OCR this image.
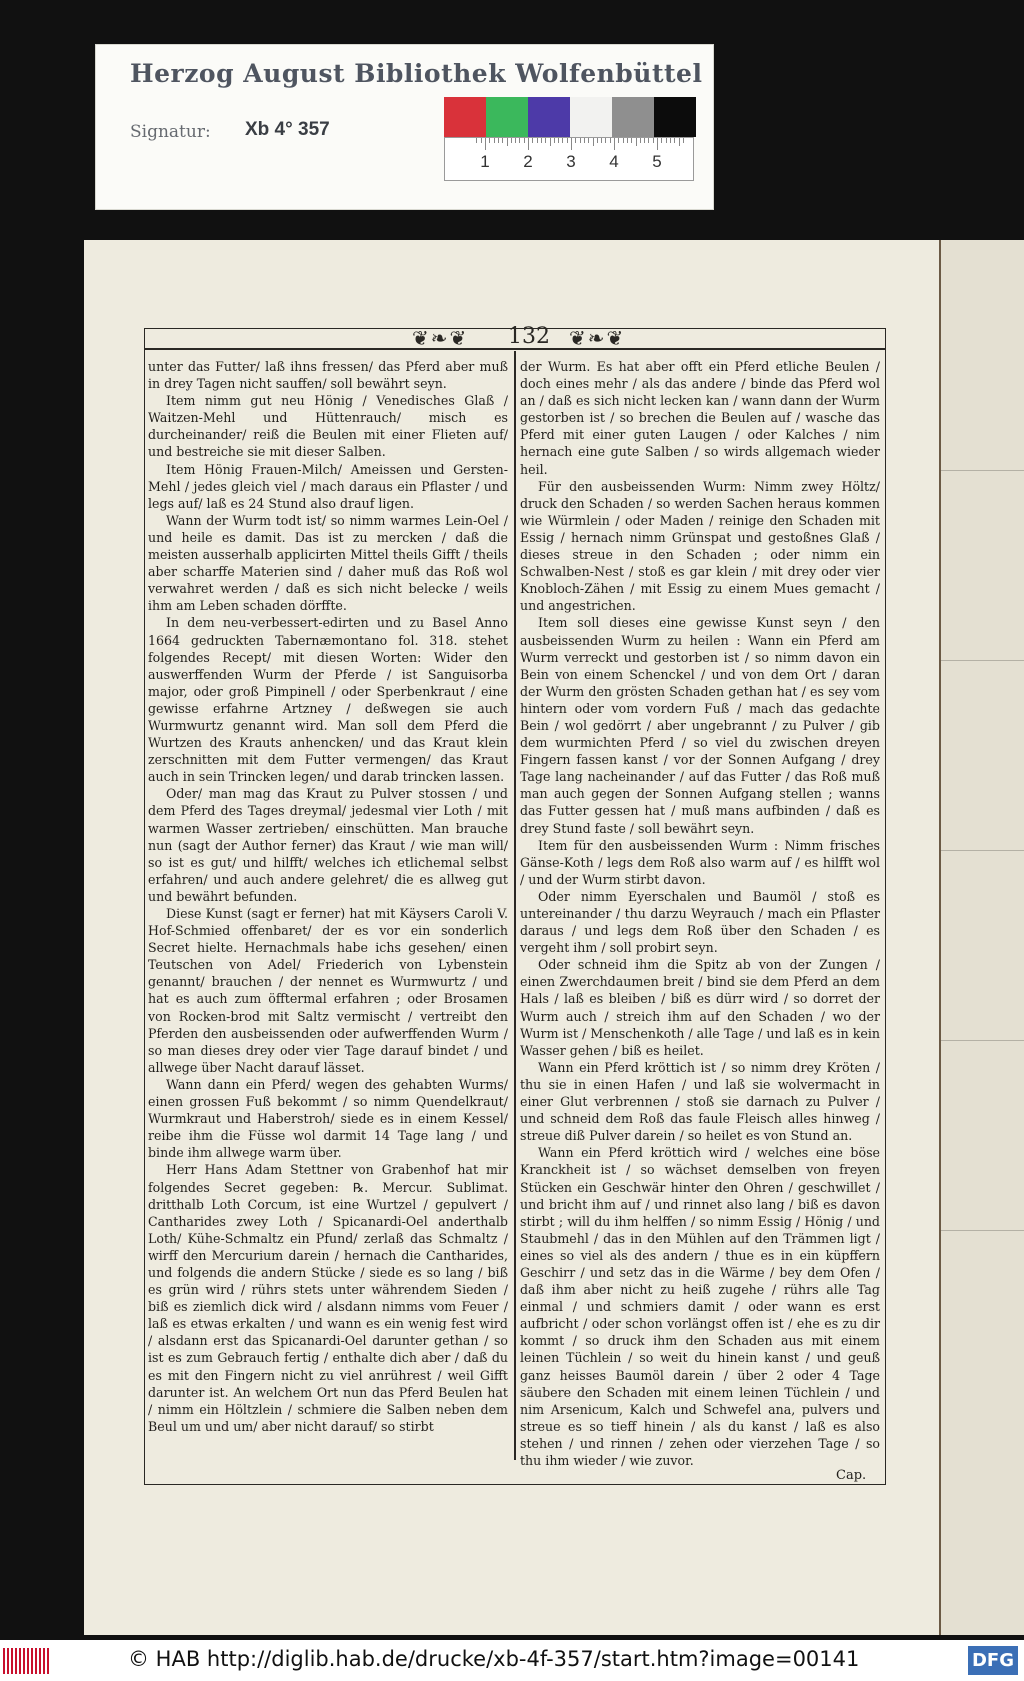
Herzog August Bibliothek Wolfenbüttel
Signatur: Xb 4° 357
1 2 3 4 5
❦❧❦	132 ❦❧❦

unter das Futter/ laß ihns fressen/ das Pferd aber muß in drey Tagen nicht sauffen/ soll bewährt seyn.

Item nimm gut neu Hönig / Venedisches Glaß / Waitzen-Mehl und Hüttenrauch/ misch es durcheinander/ reiß die Beulen mit einer Flieten auf/ und bestreiche sie mit dieser Salben.

Item Hönig Frauen-Milch/ Ameissen und Gersten-Mehl / jedes gleich viel / mach daraus ein Pflaster / und legs auf/ laß es 24 Stund also drauf ligen.

Wann der Wurm todt ist/ so nimm warmes Lein-Oel / und heile es damit. Das ist zu mercken / daß die meisten ausserhalb applicirten Mittel theils Gifft / theils aber scharffe Materien sind / daher muß das Roß wol verwahret werden / daß es sich nicht belecke / weils ihm am Leben schaden dörffte.

In dem neu-verbessert-edirten und zu Basel Anno 1664 gedruckten Tabernæmontano fol. 318. stehet folgendes Recept/ mit diesen Worten: Wider den auswerffenden Wurm der Pferde / ist Sanguisorba major, oder groß Pimpinell / oder Sperbenkraut / eine gewisse erfahrne Artzney / deßwegen sie auch Wurmwurtz genannt wird. Man soll dem Pferd die Wurtzen des Krauts anhencken/ und das Kraut klein zerschnitten mit dem Futter vermengen/ das Kraut auch in sein Trincken legen/ und darab trincken lassen.

Oder/ man mag das Kraut zu Pulver stossen / und dem Pferd des Tages dreymal/ jedesmal vier Loth / mit warmen Wasser zertrieben/ einschütten. Man brauche nun (sagt der Author ferner) das Kraut / wie man will/ so ist es gut/ und hilfft/ welches ich etlichemal selbst erfahren/ und auch andere gelehret/ die es allweg gut und bewährt befunden.

Diese Kunst (sagt er ferner) hat mit Käysers Caroli V. Hof-Schmied offenbaret/ der es vor ein sonderlich Secret hielte. Hernachmals habe ichs gesehen/ einen Teutschen von Adel/ Friederich von Lybenstein genannt/ brauchen / der nennet es Wurmwurtz / und hat es auch zum öfftermal erfahren ; oder Brosamen von Rocken-brod mit Saltz vermischt / vertreibt den Pferden den ausbeissenden oder aufwerffenden Wurm / so man dieses drey oder vier Tage darauf bindet / und allwege über Nacht darauf lässet.

Wann dann ein Pferd/ wegen des gehabten Wurms/ einen grossen Fuß bekommt / so nimm Quendelkraut/ Wurmkraut und Haberstroh/ siede es in einem Kessel/ reibe ihm die Füsse wol darmit 14 Tage lang / und binde ihm allwege warm über.

Herr Hans Adam Stettner von Grabenhof hat mir folgendes Secret gegeben: ℞. Mercur. Sublimat. dritthalb Loth Corcum, ist eine Wurtzel / gepulvert / Cantharides zwey Loth / Spicanardi-Oel anderthalb Loth/ Kühe-Schmaltz ein Pfund/ zerlaß das Schmaltz / wirff den Mercurium darein / hernach die Cantharides, und folgends die andern Stücke / siede es so lang / biß es grün wird / rührs stets unter währendem Sieden / biß es ziemlich dick wird / alsdann nimms vom Feuer / laß es etwas erkalten / und wann es ein wenig fest wird / alsdann erst das Spicanardi-Oel darunter gethan / so ist es zum Gebrauch fertig / enthalte dich aber / daß du es mit den Fingern nicht zu viel anrührest / weil Gifft darunter ist. An welchem Ort nun das Pferd Beulen hat / nimm ein Höltzlein / schmiere die Salben neben dem Beul um und um/ aber nicht darauf/ so stirbt

der Wurm. Es hat aber offt ein Pferd etliche Beulen / doch eines mehr / als das andere / binde das Pferd wol an / daß es sich nicht lecken kan / wann dann der Wurm gestorben ist / so brechen die Beulen auf / wasche das Pferd mit einer guten Laugen / oder Kalches / nim hernach eine gute Salben / so wirds allgemach wieder heil.

Für den ausbeissenden Wurm: Nimm zwey Höltz/ druck den Schaden / so werden Sachen heraus kommen wie Würmlein / oder Maden / reinige den Schaden mit Essig / hernach nimm Grünspat und gestoßnes Glaß / dieses streue in den Schaden ; oder nimm ein Schwalben-Nest / stoß es gar klein / mit drey oder vier Knobloch-Zähen / mit Essig zu einem Mues gemacht / und angestrichen.

Item soll dieses eine gewisse Kunst seyn / den ausbeissenden Wurm zu heilen : Wann ein Pferd am Wurm verreckt und gestorben ist / so nimm davon ein Bein von einem Schenckel / und von dem Ort / daran der Wurm den grösten Schaden gethan hat / es sey vom hintern oder vom vordern Fuß / mach das gedachte Bein / wol gedörrt / aber ungebrannt / zu Pulver / gib dem wurmichten Pferd / so viel du zwischen dreyen Fingern fassen kanst / vor der Sonnen Aufgang / drey Tage lang nacheinander / auf das Futter / das Roß muß man auch gegen der Sonnen Aufgang stellen ; wanns das Futter gessen hat / muß mans aufbinden / daß es drey Stund faste / soll bewährt seyn.

Item für den ausbeissenden Wurm : Nimm frisches Gänse-Koth / legs dem Roß also warm auf / es hilfft wol / und der Wurm stirbt davon.

Oder nimm Eyerschalen und Baumöl / stoß es untereinander / thu darzu Weyrauch / mach ein Pflaster daraus / und legs dem Roß über den Schaden / es vergeht ihm / soll probirt seyn.

Oder schneid ihm die Spitz ab von der Zungen / einen Zwerchdaumen breit / bind sie dem Pferd an dem Hals / laß es bleiben / biß es dürr wird / so dorret der Wurm auch / streich ihm auf den Schaden / wo der Wurm ist / Menschenkoth / alle Tage / und laß es in kein Wasser gehen / biß es heilet.

Wann ein Pferd kröttich ist / so nimm drey Kröten / thu sie in einen Hafen / und laß sie wolvermacht in einer Glut verbrennen / stoß sie darnach zu Pulver / und schneid dem Roß das faule Fleisch alles hinweg / streue diß Pulver darein / so heilet es von Stund an.

Wann ein Pferd kröttich wird / welches eine böse Kranckheit ist / so wächset demselben von freyen Stücken ein Geschwär hinter den Ohren / geschwillet / und bricht ihm auf / und rinnet also lang / biß es davon stirbt ; will du ihm helffen / so nimm Essig / Hönig / und Staubmehl / das in den Mühlen auf den Trämmen ligt / eines so viel als des andern / thue es in ein küpffern Geschirr / und setz das in die Wärme / bey dem Ofen / daß ihm aber nicht zu heiß zugehe / rührs alle Tag einmal / und schmiers damit / oder wann es erst aufbricht / oder schon vorlängst offen ist / ehe es zu dir kommt / so druck ihm den Schaden aus mit einem leinen Tüchlein / so weit du hinein kanst / und geuß ganz heisses Baumöl darein / über 2 oder 4 Tage säubere den Schaden mit einem leinen Tüchlein / und nim Arsenicum, Kalch und Schwefel ana, pulvers und streue es so tieff hinein / als du kanst / laß es also stehen / und rinnen / zehen oder vierzehen Tage / so thu ihm wieder / wie zuvor.

Cap.
© HAB http://diglib.hab.de/drucke/xb-4f-357/start.htm?image=00141	DFG
